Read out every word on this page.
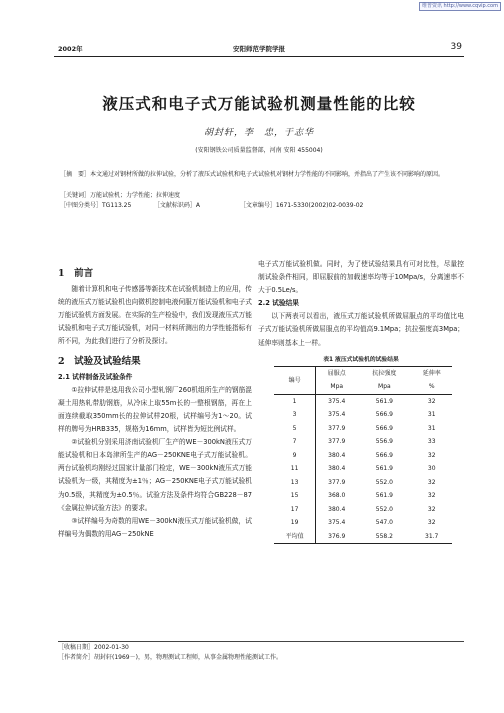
维普资讯 http://www.cqvip.com
2002年	安阳师范学院学报	39
液压式和电子式万能试验机测量性能的比较
胡封轩，李　忠，于志华
(安阳钢铁公司质量监督部，河南 安阳 455004)
［摘　要］本文通过对钢材所做的拉伸试验，分析了液压式试验机和电子式试验机对钢材力学性能的不同影响，并指出了产生该不同影响的原因。
［关键词］万能试验机；力学性能；拉伸速度
［中图分类号］TG113.25	［文献标识码］A	［文章编号］1671-5330(2002)02-0039-02
1　前言

随着计算机和电子传感器等新技术在试验机制造上的应用，传统的液压式万能试验机也向微机控制电液伺服万能试验机和电子式万能试验机方面发展。在实际的生产检验中，我们发现液压式万能试验机和电子式万能试验机，对同一材料所测出的力学性能指标有所不同，为此我们进行了分析及探讨。

2　试验及试验结果
2.1 试样制备及试验条件

①拉伸试样是选用我公司小型轧钢厂260机组所生产的钢筋混凝土用热轧带肋钢筋，从冷床上取55m长的一整根钢筋，再在上面连续截取350mm长的拉伸试样20根，试样编号为1～20。试样的牌号为HRB335，规格为16mm，试样皆为短比例试样。

②试验机分别采用济南试验机厂生产的WE－300kN液压式万能试验机和日本岛津所生产的AG－250KNE电子式万能试验机。两台试验机均刚经过国家计量部门检定，WE－300kN液压式万能试验机为一级，其精度为±1％；AG－250KNE电子式万能试验机为0.5级，其精度为±0.5％。试验方法及条件均符合GB228－87《金属拉伸试验方法》的要求。

③试样编号为奇数的用WE－300kN液压式万能试验机做，试样编号为偶数的用AG－250kNE

电子式万能试验机做。同时，为了使试验结果具有可对比性，尽量控制试验条件相同，即屈服前的加载速率均等于10Mpa/s，分离速率不大于0.5Le/s。

2.2 试验结果

以下两表可以看出，液压式万能试验机所做屈服点的平均值比电子式万能试验机所做屈服点的平均值高9.1Mpa；抗拉强度高3Mpa；延伸率则基本上一样。

表1 液压式试验机的试验结果
编号	屈服点	抗拉强度	延伸率
	Mpa	Mpa	%
1	375.4	561.9	32
3	375.4	566.9	31
5	377.9	566.9	31
7	377.9	556.9	33
9	380.4	566.9	32
11	380.4	561.9	30
13	377.9	552.0	32
15	368.0	561.9	32
17	380.4	552.0	32
19	375.4	547.0	32
平均值	376.9	558.2	31.7
［收稿日期］2002-01-30
［作者简介］胡封轩(1969－)，男，物理测试工程师，从事金属物理性能测试工作。
